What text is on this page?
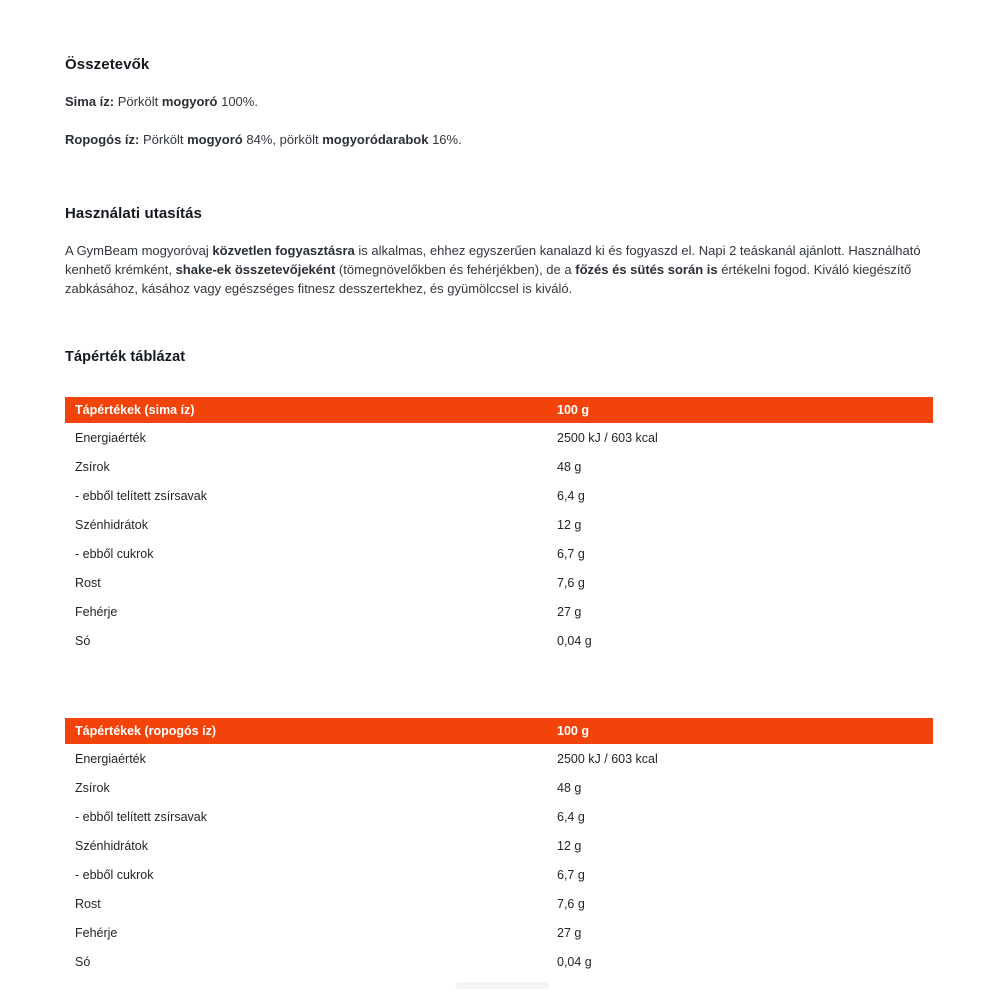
Összetevők

Sima íz: Pörkölt mogyoró 100%.

Ropogós íz: Pörkölt mogyoró 84%, pörkölt mogyoródarabok 16%.

Használati utasítás

A GymBeam mogyoróvaj közvetlen fogyasztásra is alkalmas, ehhez egyszerűen kanalazd ki és fogyaszd el. Napi 2 teáskanál ajánlott. Használható kenhető krémként, shake-ek összetevőjeként (tömegnövelőkben és fehérjékben), de a főzés és sütés során is értékelni fogod. Kiváló kiegészítő zabkásához, kásához vagy egészséges fitnesz desszertekhez, és gyümölccsel is kiváló.

Tápérték táblázat
Tápértékek (sima íz)	100 g
Energiaérték	2500 kJ / 603 kcal
Zsírok	48 g
- ebből telített zsírsavak	6,4 g
Szénhidrátok	12 g
- ebből cukrok	6,7 g
Rost	7,6 g
Fehérje	27 g
Só	0,04 g
Tápértékek (ropogós íz)	100 g
Energiaérték	2500 kJ / 603 kcal
Zsírok	48 g
- ebből telített zsírsavak	6,4 g
Szénhidrátok	12 g
- ebből cukrok	6,7 g
Rost	7,6 g
Fehérje	27 g
Só	0,04 g
